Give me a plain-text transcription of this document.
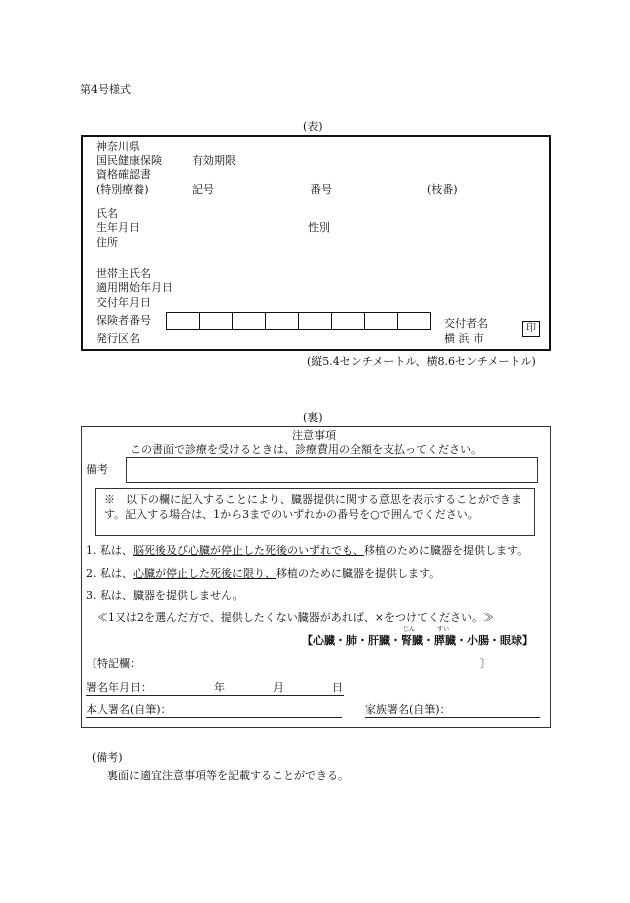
第4号様式
(表)
神奈川県
国民健康保険	有効期限
資格確認書
(特別療養)	記号	番号	(枝番)
氏名
生年月日	性別
住所
世帯主氏名
適用開始年月日
交付年月日
保険者番号
発行区名
交付者名
横 浜 市
印
(縦5.4センチメートル、横8.6センチメートル)
(裏)
注意事項
この書面で診療を受けるときは、診療費用の全額を支払ってください。
備考
※　以下の欄に記入することにより、臓器提供に関する意思を表示することができます。記入する場合は、1から3までのいずれかの番号を○で囲んでください。
1. 私は、脳死後及び心臓が停止した死後のいずれでも、移植のために臓器を提供します。
2. 私は、心臓が停止した死後に限り、移植のために臓器を提供します。
3. 私は、臓器を提供しません。
≪1又は2を選んだ方で、提供したくない臓器があれば、×をつけてください。≫
じん	すい
【心臓・肺・肝臓・腎臓・膵臓・小腸・眼球】
〔特記欄：	〕
署名年月日：	年	月	日
本人署名(自筆)：	家族署名(自筆)：
(備考)
裏面に適宜注意事項等を記載することができる。
